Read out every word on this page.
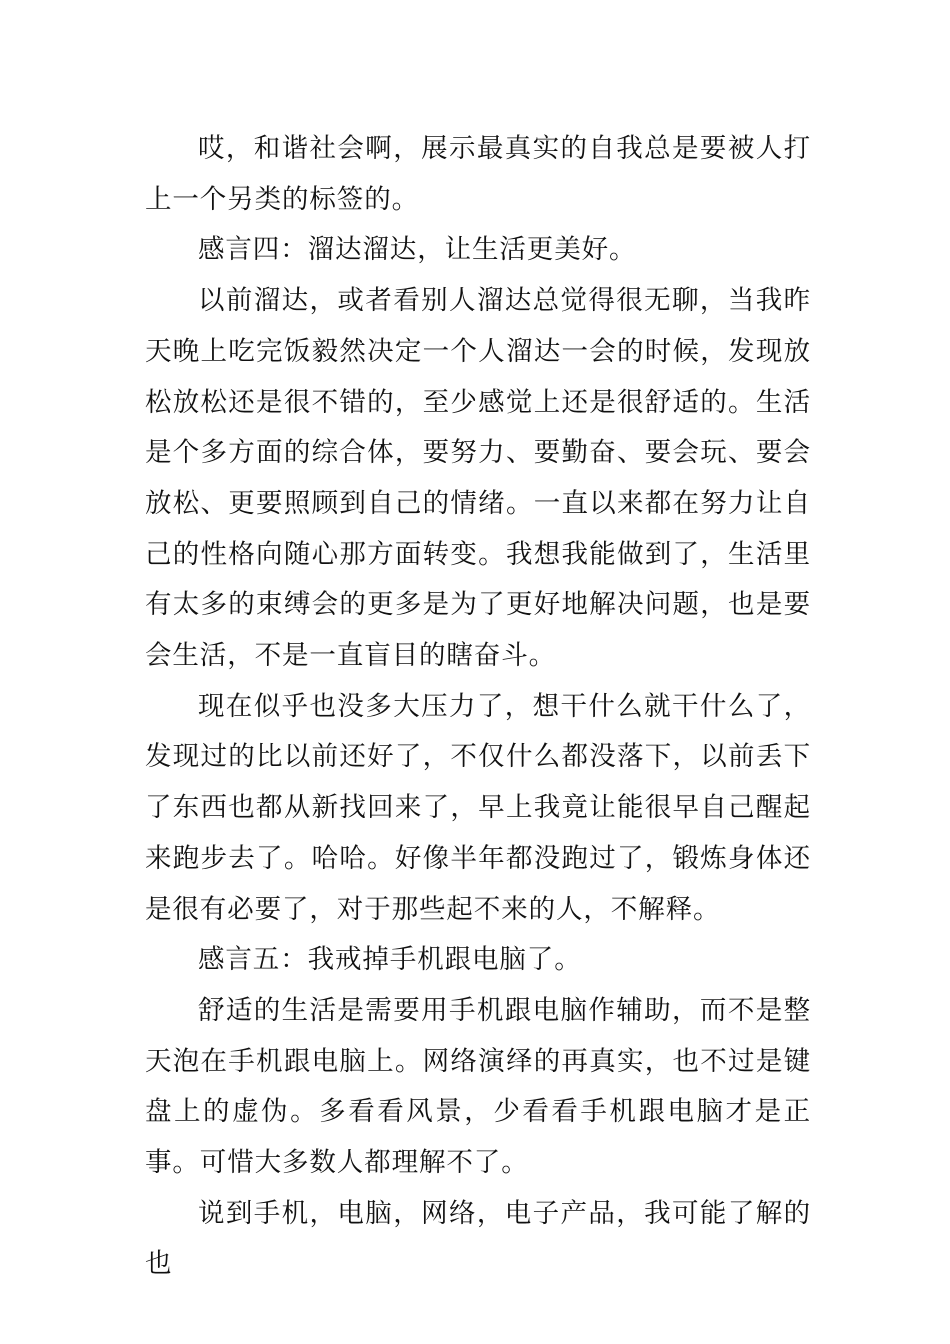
哎，和谐社会啊，展示最真实的自我总是要被人打上一个另类的标签的。

感言四：溜达溜达，让生活更美好。

以前溜达，或者看别人溜达总觉得很无聊，当我昨天晚上吃完饭毅然决定一个人溜达一会的时候，发现放松放松还是很不错的，至少感觉上还是很舒适的。生活是个多方面的综合体，要努力、要勤奋、要会玩、要会放松、更要照顾到自己的情绪。一直以来都在努力让自己的性格向随心那方面转变。我想我能做到了，生活里有太多的束缚会的更多是为了更好地解决问题，也是要会生活，不是一直盲目的瞎奋斗。

现在似乎也没多大压力了，想干什么就干什么了，发现过的比以前还好了，不仅什么都没落下，以前丢下了东西也都从新找回来了，早上我竟让能很早自己醒起来跑步去了。哈哈。好像半年都没跑过了，锻炼身体还是很有必要了，对于那些起不来的人，不解释。

感言五：我戒掉手机跟电脑了。

舒适的生活是需要用手机跟电脑作辅助，而不是整天泡在手机跟电脑上。网络演绎的再真实，也不过是键盘上的虚伪。多看看风景，少看看手机跟电脑才是正事。可惜大多数人都理解不了。

说到手机，电脑，网络，电子产品，我可能了解的也
